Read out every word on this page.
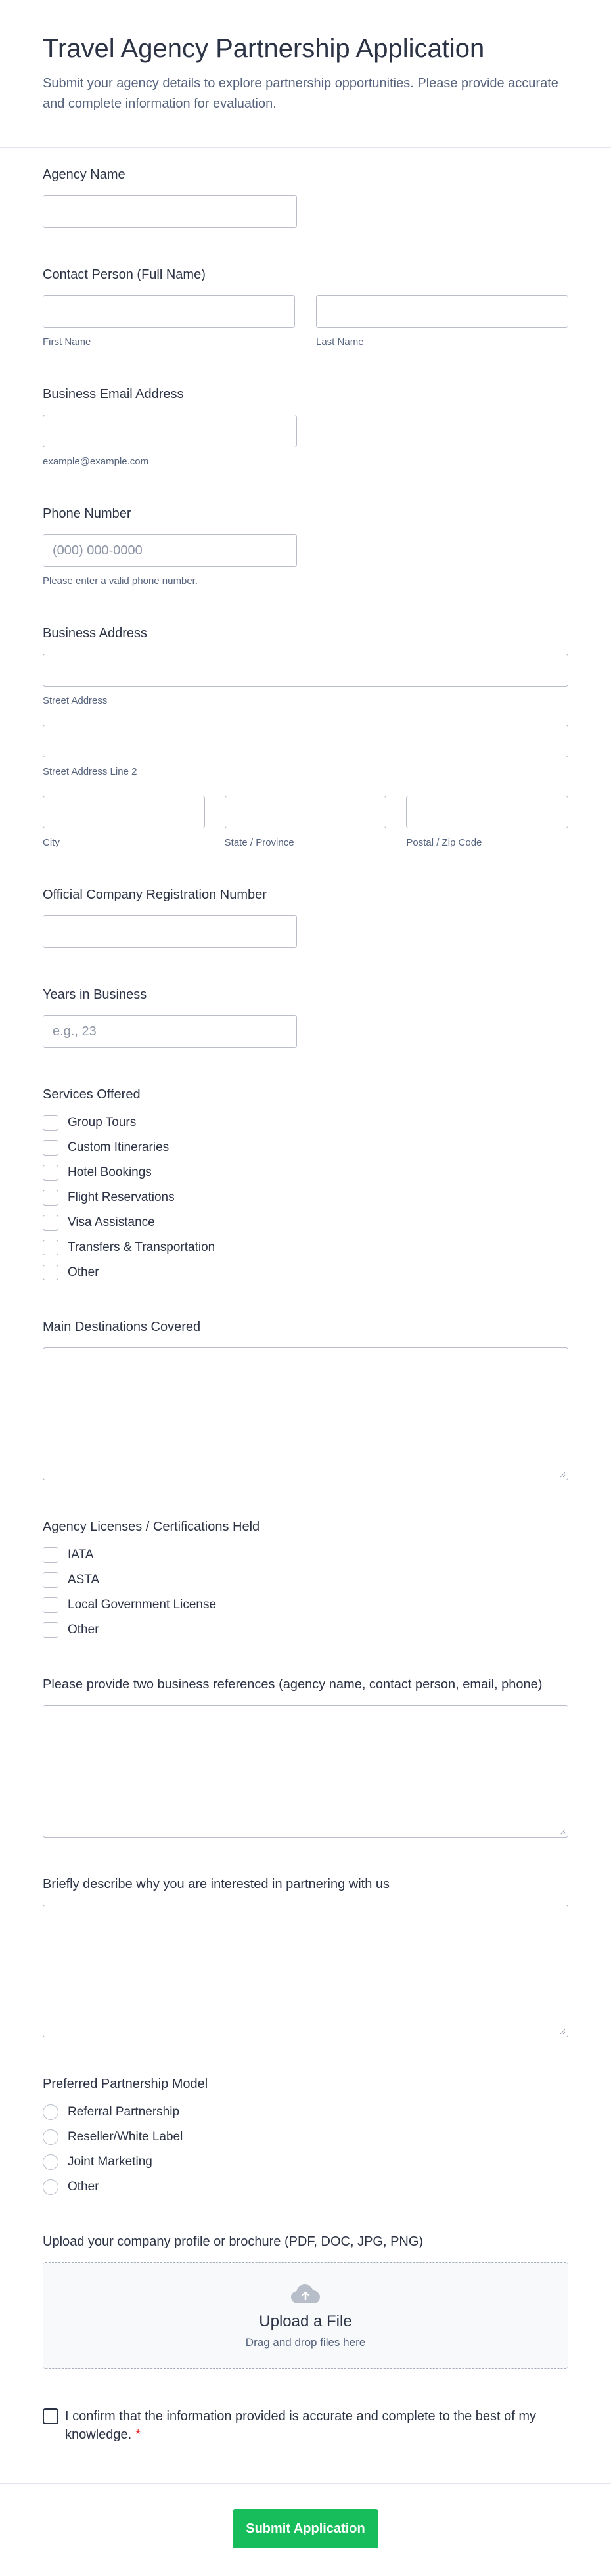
Travel Agency Partnership Application

Submit your agency details to explore partnership opportunities. Please provide accurate and complete information for evaluation.

Agency Name
Contact Person (Full Name)
First Name	Last Name
Business Email Address
example@example.com
Phone Number
(000) 000-0000
Please enter a valid phone number.
Business Address
Street Address
Street Address Line 2
City	State / Province	Postal / Zip Code
Official Company Registration Number
Years in Business
e.g., 23
Services Offered
Group Tours
Custom Itineraries
Hotel Bookings
Flight Reservations
Visa Assistance
Transfers & Transportation
Other
Main Destinations Covered
Agency Licenses / Certifications Held
IATA
ASTA
Local Government License
Other
Please provide two business references (agency name, contact person, email, phone)
Briefly describe why you are interested in partnering with us
Preferred Partnership Model
Referral Partnership
Reseller/White Label
Joint Marketing
Other
Upload your company profile or brochure (PDF, DOC, JPG, PNG)
Upload a File
Drag and drop files here
I confirm that the information provided is accurate and complete to the best of my knowledge. *
Submit Application
